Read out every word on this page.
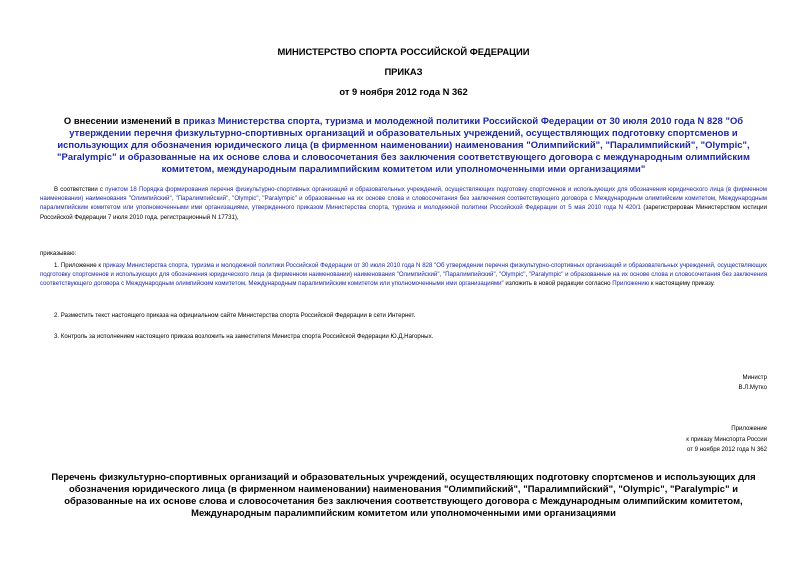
МИНИСТЕРСТВО СПОРТА РОССИЙСКОЙ ФЕДЕРАЦИИ
ПРИКАЗ
от 9 ноября 2012 года N 362
О внесении изменений в приказ Министерства спорта, туризма и молодежной политики Российской Федерации от 30 июля 2010 года N 828 "Об утверждении перечня физкультурно-спортивных организаций и образовательных учреждений, осуществляющих подготовку спортсменов и использующих для обозначения юридического лица (в фирменном наименовании) наименования "Олимпийский", "Паралимпийский", "Olympic", "Paralympic" и образованные на их основе слова и словосочетания без заключения соответствующего договора с международным олимпийским комитетом, международным паралимпийским комитетом или уполномоченными ими организациями"
В соответствии с пунктом 18 Порядка формирования перечня физкультурно-спортивных организаций и образовательных учреждений, осуществляющих подготовку спортсменов и использующих для обозначения юридического лица (в фирменном наименовании) наименования "Олимпийский", "Паралимпийский", "Olympic", "Paralympic" и образованные на их основе слова и словосочетания без заключения соответствующего договора с Международным олимпийским комитетом, Международным паралимпийским комитетом или уполномоченными ими организациями, утвержденного приказом Министерства спорта, туризма и молодежной политики Российской Федерации от 5 мая 2010 года N 420/1 (зарегистрирован Министерством юстиции Российской Федерации 7 июля 2010 года, регистрационный N 17731),
приказываю:
1. Приложение к приказу Министерства спорта, туризма и молодежной политики Российской Федерации от 30 июля 2010 года N 828 "Об утверждении перечня физкультурно-спортивных организаций и образовательных учреждений, осуществляющих подготовку спортсменов и использующих для обозначения юридического лица (в фирменном наименовании) наименования "Олимпийский", "Паралимпийский", "Olympic", "Paralympic" и образованные на их основе слова и словосочетания без заключения соответствующего договора с Международным олимпийским комитетом, Международным паралимпийским комитетом или уполномоченными ими организациями" изложить в новой редакции согласно Приложению к настоящему приказу.
2. Разместить текст настоящего приказа на официальном сайте Министерства спорта Российской Федерации в сети Интернет.
3. Контроль за исполнением настоящего приказа возложить на заместителя Министра спорта Российской Федерации Ю.Д.Нагорных.
Министр
В.Л.Мутко
Приложение
к приказу Минспорта России
от 9 ноября 2012 года N 362
Перечень физкультурно-спортивных организаций и образовательных учреждений, осуществляющих подготовку спортсменов и использующих для обозначения юридического лица (в фирменном наименовании) наименования "Олимпийский", "Паралимпийский", "Olympic", "Paralympic" и образованные на их основе слова и словосочетания без заключения соответствующего договора с Международным олимпийским комитетом, Международным паралимпийским комитетом или уполномоченными ими организациями
